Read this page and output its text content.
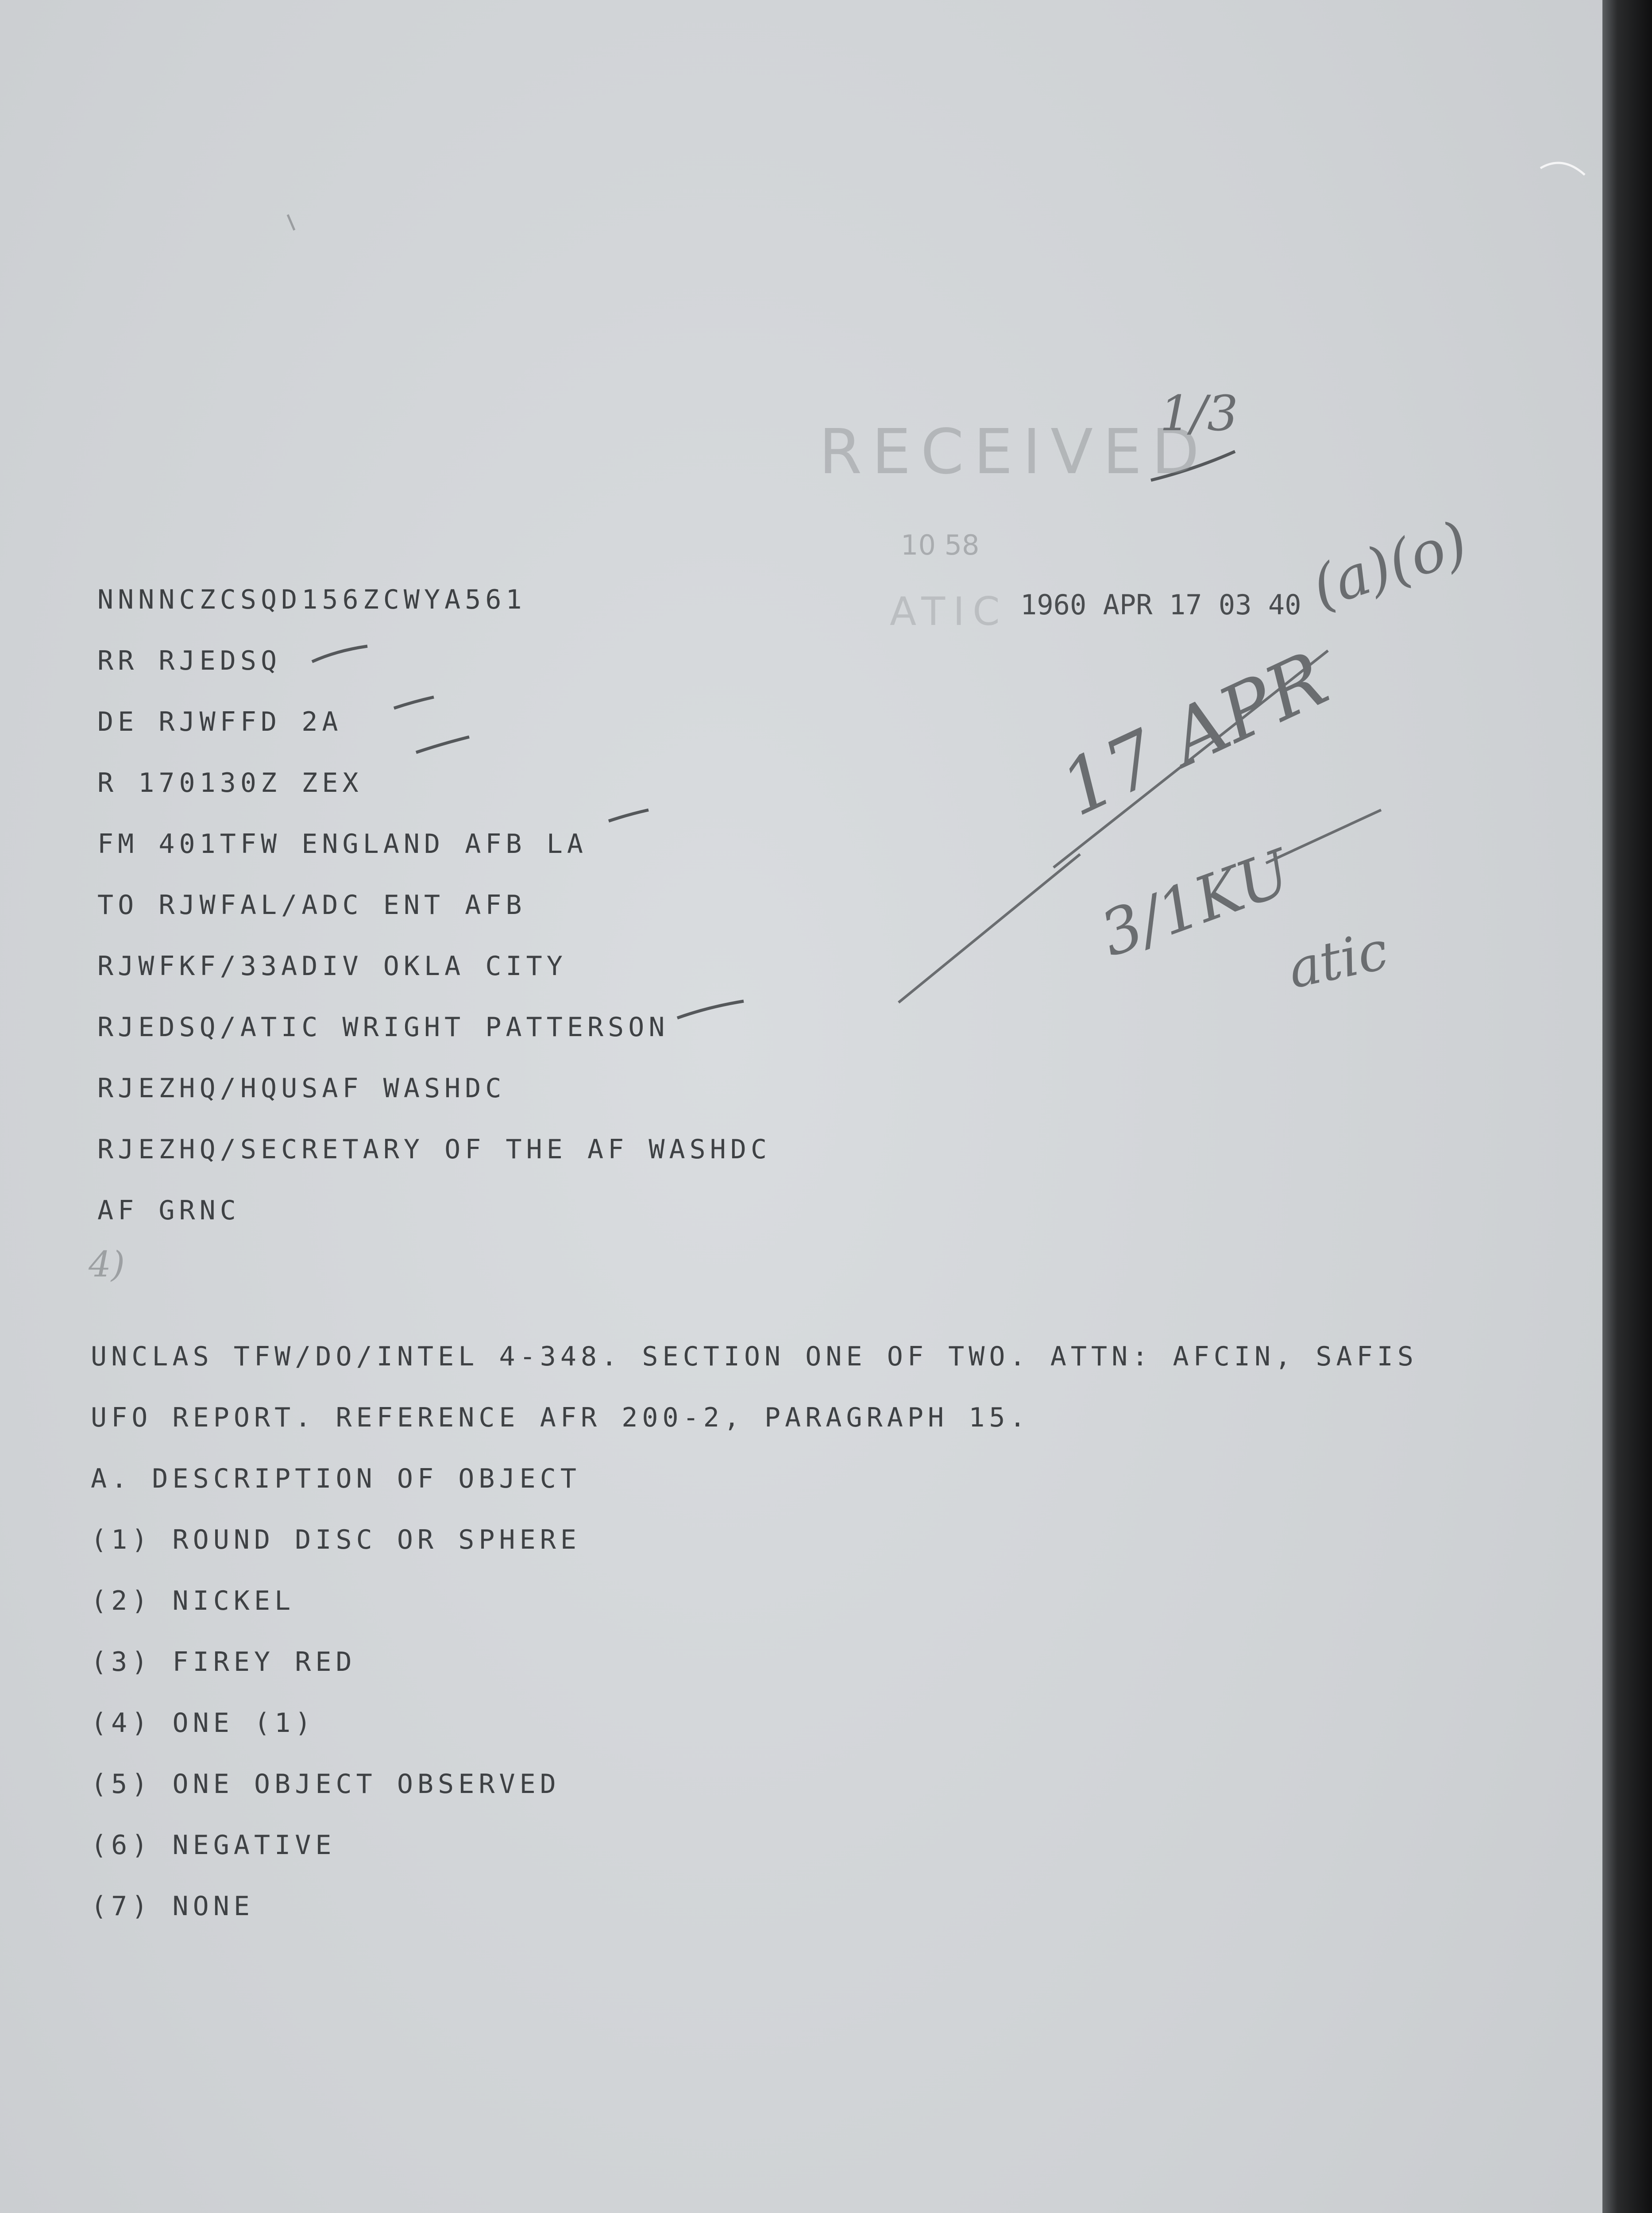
RECEIVED
10 58
ATIC 1960 APR 17 03 40
1/3
(a)(o)
17 APR
3/1KU
atic
4)
NNNNCZCSQD156ZCWYA561
RR RJEDSQ
DE RJWFFD 2A
R 170130Z ZEX
FM 401TFW ENGLAND AFB LA
TO RJWFAL/ADC ENT AFB
RJWFKF/33ADIV OKLA CITY
RJEDSQ/ATIC WRIGHT PATTERSON
RJEZHQ/HQUSAF WASHDC
RJEZHQ/SECRETARY OF THE AF WASHDC
AF GRNC
UNCLAS TFW/DO/INTEL 4-348. SECTION ONE OF TWO. ATTN: AFCIN, SAFIS
UFO REPORT. REFERENCE AFR 200-2, PARAGRAPH 15.
A. DESCRIPTION OF OBJECT
(1) ROUND DISC OR SPHERE
(2) NICKEL
(3) FIREY RED
(4) ONE (1)
(5) ONE OBJECT OBSERVED
(6) NEGATIVE
(7) NONE
